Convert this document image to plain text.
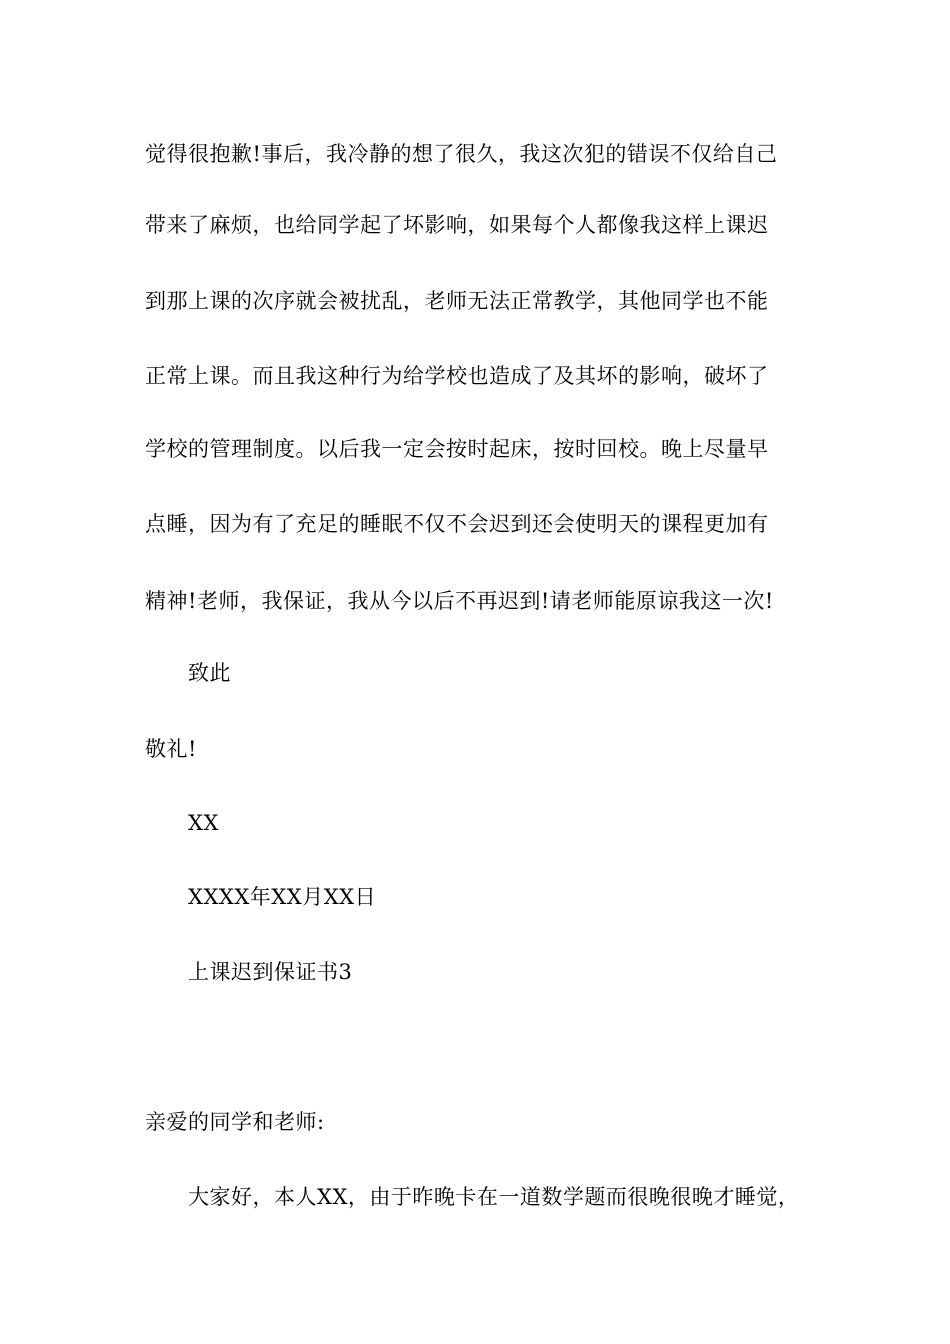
觉得很抱歉!事后，我冷静的想了很久，我这次犯的错误不仅给自己
带来了麻烦，也给同学起了坏影响，如果每个人都像我这样上课迟
到那上课的次序就会被扰乱，老师无法正常教学，其他同学也不能
正常上课。而且我这种行为给学校也造成了及其坏的影响，破坏了
学校的管理制度。以后我一定会按时起床，按时回校。晚上尽量早
点睡，因为有了充足的睡眠不仅不会迟到还会使明天的课程更加有
精神!老师，我保证，我从今以后不再迟到!请老师能原谅我这一次!
致此
敬礼!
XX
XXXX年XX月XX日
上课迟到保证书3
亲爱的同学和老师:
大家好，本人XX，由于昨晚卡在一道数学题而很晚很晚才睡觉，
